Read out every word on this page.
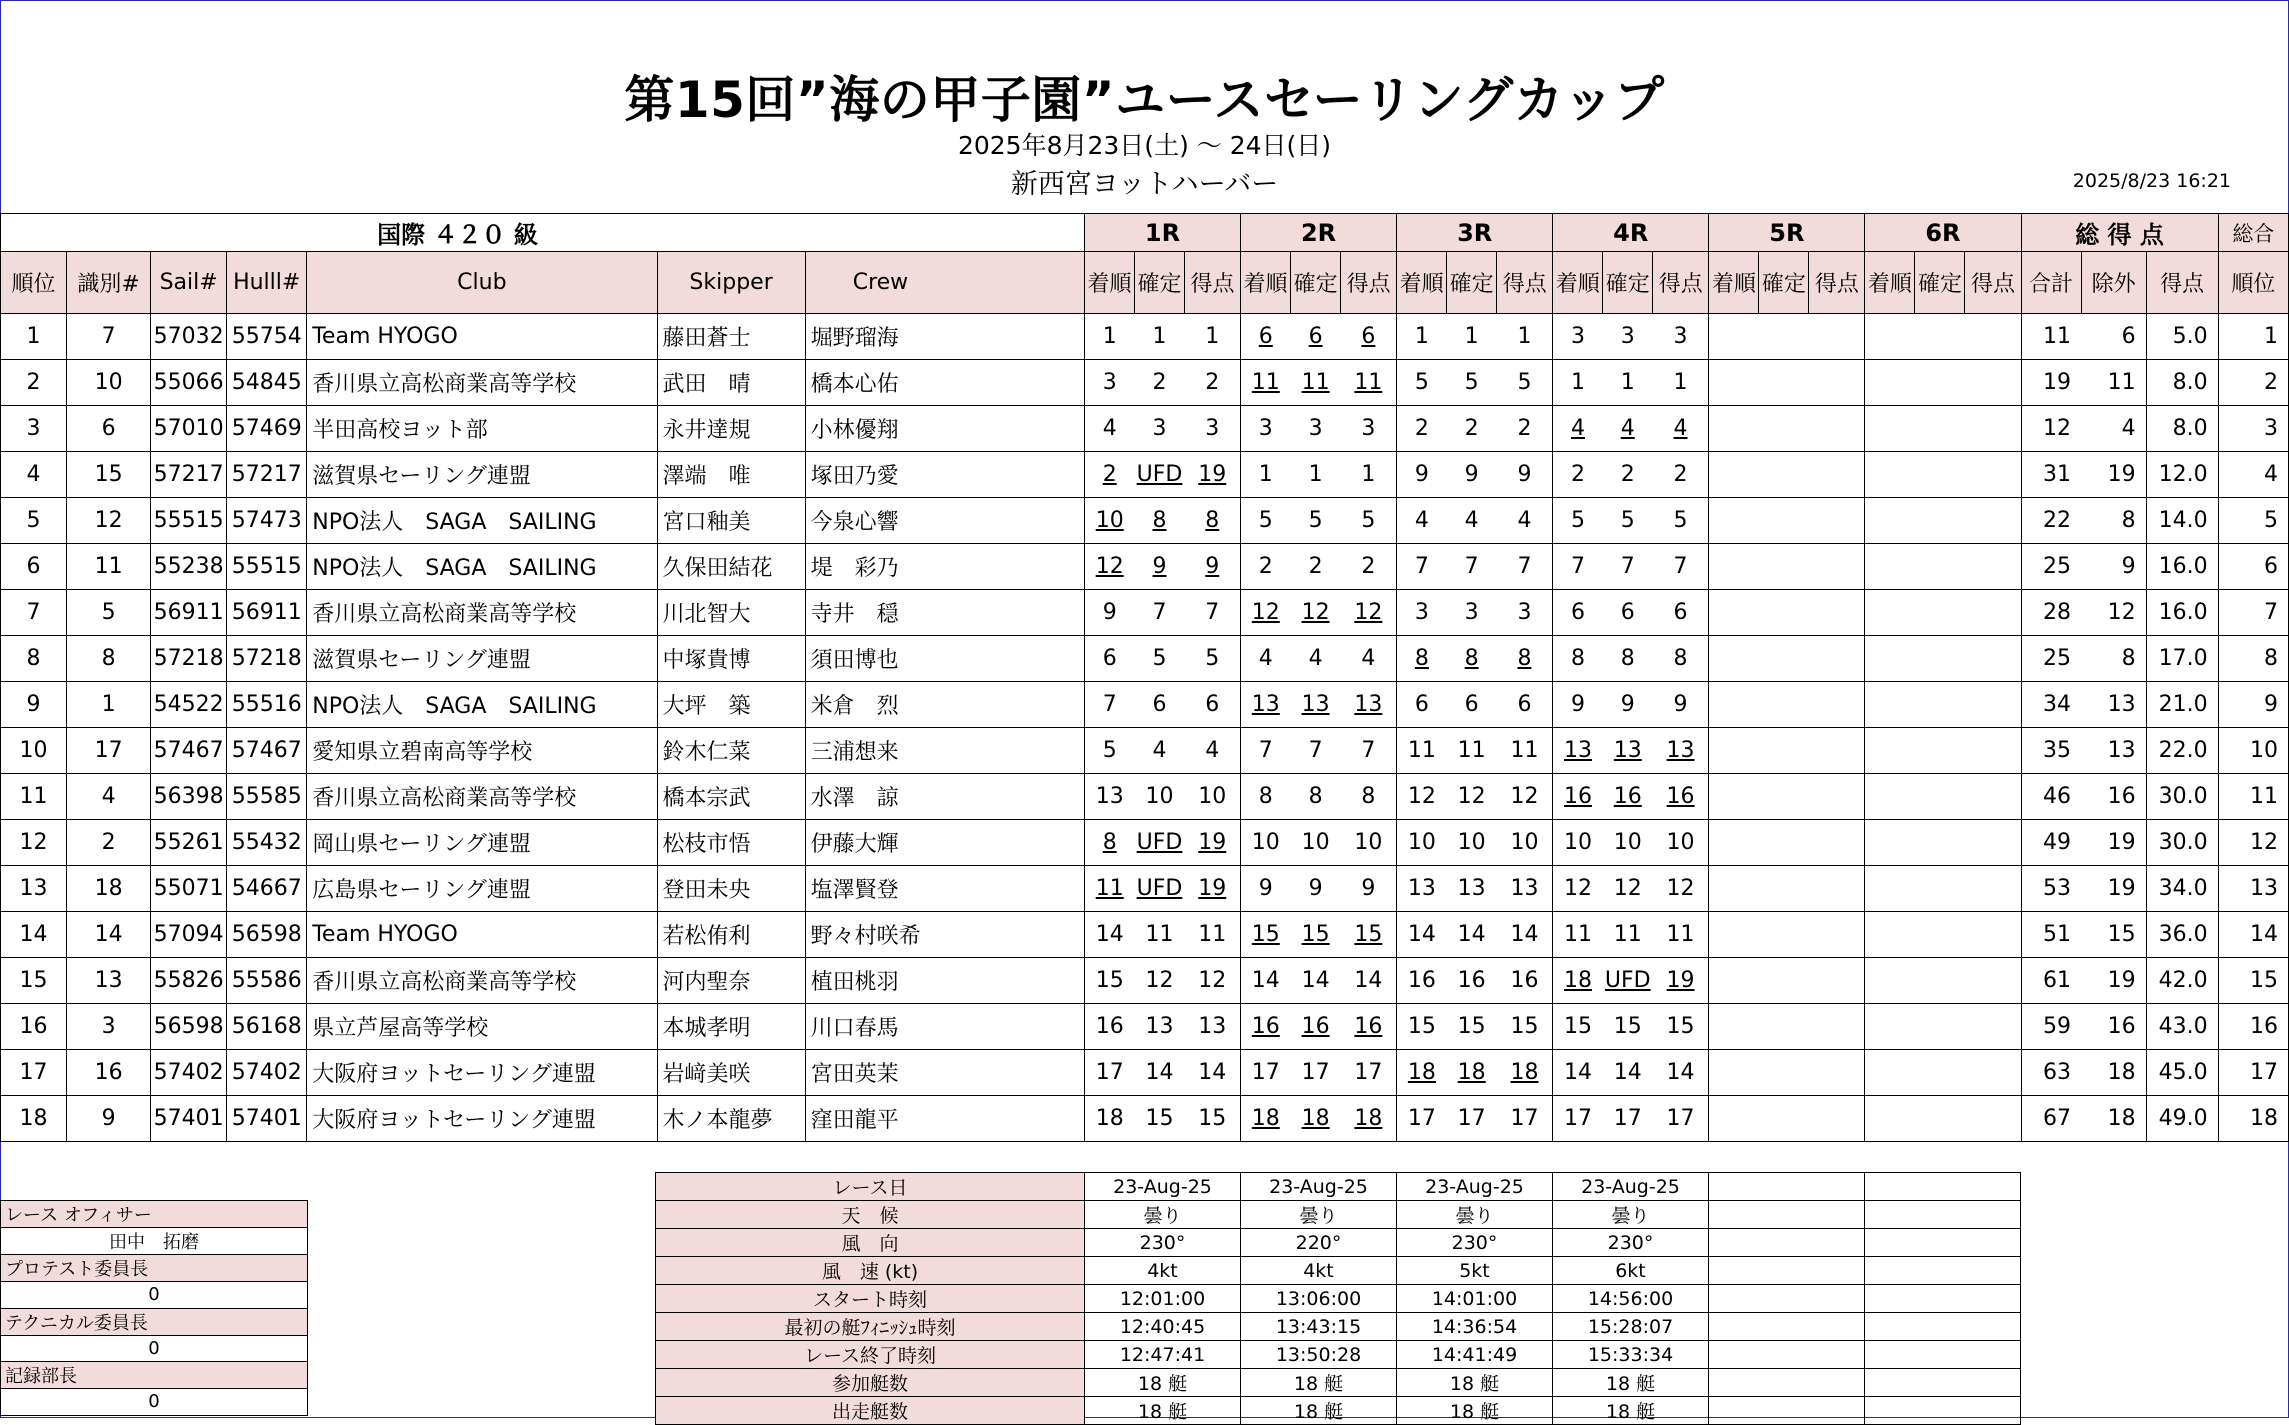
第15回”海の甲子園”ユースセーリングカップ
2025年8月23日(土) ～ 24日(日)
新西宮ヨットハーバー	2025/8/23 16:21
国際 ４２０ 級								1R			2R			3R			4R			5R			6R			総 得 点			総合
順位	識別#	Sail#	Hulll#	Club	Skipper	Crew		着順	確定	得点	着順	確定	得点	着順	確定	得点	着順	確定	得点	着順	確定	得点	着順	確定	得点	合計	除外	得点	順位
1	7	57032	55754	Team HYOGO	藤田蒼士	堀野瑠海		1	1	1	6	6	6	1	1	1	3	3	3							11	6	5.0	1
2	10	55066	54845	香川県立高松商業高等学校	武田　晴	橋本心佑		3	2	2	11	11	11	5	5	5	1	1	1							19	11	8.0	2
3	6	57010	57469	半田高校ヨット部	永井達規	小林優翔		4	3	3	3	3	3	2	2	2	4	4	4							12	4	8.0	3
4	15	57217	57217	滋賀県セーリング連盟	澤端　唯	塚田乃愛		2	UFD	19	1	1	1	9	9	9	2	2	2							31	19	12.0	4
5	12	55515	57473	NPO法人　SAGA　SAILING	宮口釉美	今泉心響		10	8	8	5	5	5	4	4	4	5	5	5							22	8	14.0	5
6	11	55238	55515	NPO法人　SAGA　SAILING	久保田結花	堤　彩乃		12	9	9	2	2	2	7	7	7	7	7	7							25	9	16.0	6
7	5	56911	56911	香川県立高松商業高等学校	川北智大	寺井　穏		9	7	7	12	12	12	3	3	3	6	6	6							28	12	16.0	7
8	8	57218	57218	滋賀県セーリング連盟	中塚貴博	須田博也		6	5	5	4	4	4	8	8	8	8	8	8							25	8	17.0	8
9	1	54522	55516	NPO法人　SAGA　SAILING	大坪　築	米倉　烈		7	6	6	13	13	13	6	6	6	9	9	9							34	13	21.0	9
10	17	57467	57467	愛知県立碧南高等学校	鈴木仁菜	三浦想来		5	4	4	7	7	7	11	11	11	13	13	13							35	13	22.0	10
11	4	56398	55585	香川県立高松商業高等学校	橋本宗武	水澤　諒		13	10	10	8	8	8	12	12	12	16	16	16							46	16	30.0	11
12	2	55261	55432	岡山県セーリング連盟	松枝市悟	伊藤大輝		8	UFD	19	10	10	10	10	10	10	10	10	10							49	19	30.0	12
13	18	55071	54667	広島県セーリング連盟	登田未央	塩澤賢登		11	UFD	19	9	9	9	13	13	13	12	12	12							53	19	34.0	13
14	14	57094	56598	Team HYOGO	若松侑利	野々村咲希		14	11	11	15	15	15	14	14	14	11	11	11							51	15	36.0	14
15	13	55826	55586	香川県立高松商業高等学校	河内聖奈	植田桃羽		15	12	12	14	14	14	16	16	16	18	UFD	19							61	19	42.0	15
16	3	56598	56168	県立芦屋高等学校	本城孝明	川口春馬		16	13	13	16	16	16	15	15	15	15	15	15							59	16	43.0	16
17	16	57402	57402	大阪府ヨットセーリング連盟	岩﨑美咲	宮田英茉		17	14	14	17	17	17	18	18	18	14	14	14							63	18	45.0	17
18	9	57401	57401	大阪府ヨットセーリング連盟	木ノ本龍夢	窪田龍平		18	15	15	18	18	18	17	17	17	17	17	17							67	18	49.0	18
レース オフィサー
田中　拓磨
プロテスト委員長
0
テクニカル委員長
0
記録部長
0
レース日	23-Aug-25	23-Aug-25	23-Aug-25	23-Aug-25		
天　候	曇り	曇り	曇り	曇り		
風　向	230°	220°	230°	230°		
風　速 (kt)	4kt	4kt	5kt	6kt		
スタート時刻	12:01:00	13:06:00	14:01:00	14:56:00		
最初の艇ﾌｨﾆｯｼｭ時刻	12:40:45	13:43:15	14:36:54	15:28:07		
レース終了時刻	12:47:41	13:50:28	14:41:49	15:33:34		
参加艇数	18 艇	18 艇	18 艇	18 艇		
出走艇数	18 艇	18 艇	18 艇	18 艇		
